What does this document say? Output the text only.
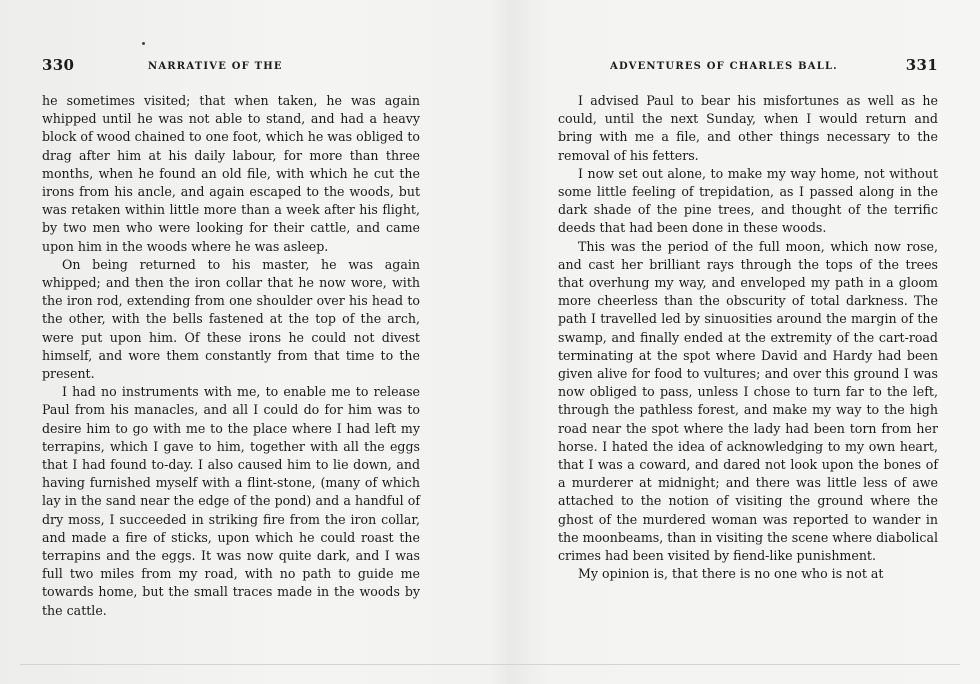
330	NARRATIVE OF THE

he sometimes visited; that when taken, he was again whipped until he was not able to stand, and had a heavy block of wood chained to one foot, which he was obliged to drag after him at his daily labour, for more than three months, when he found an old file, with which he cut the irons from his ancle, and again escaped to the woods, but was retaken within little more than a week after his flight, by two men who were looking for their cattle, and came upon him in the woods where he was asleep.

On being returned to his master, he was again whipped; and then the iron collar that he now wore, with the iron rod, extending from one shoulder over his head to the other, with the bells fastened at the top of the arch, were put upon him. Of these irons he could not divest himself, and wore them constantly from that time to the present.

I had no instruments with me, to enable me to release Paul from his manacles, and all I could do for him was to desire him to go with me to the place where I had left my terrapins, which I gave to him, together with all the eggs that I had found to-day. I also caused him to lie down, and having furnished myself with a flint-stone, (many of which lay in the sand near the edge of the pond) and a handful of dry moss, I succeeded in striking fire from the iron collar, and made a fire of sticks, upon which he could roast the terrapins and the eggs. It was now quite dark, and I was full two miles from my road, with no path to guide me towards home, but the small traces made in the woods by the cattle.

ADVENTURES OF CHARLES BALL.	331

I advised Paul to bear his misfortunes as well as he could, until the next Sunday, when I would return and bring with me a file, and other things necessary to the removal of his fetters.

I now set out alone, to make my way home, not without some little feeling of trepidation, as I passed along in the dark shade of the pine trees, and thought of the terrific deeds that had been done in these woods.

This was the period of the full moon, which now rose, and cast her brilliant rays through the tops of the trees that overhung my way, and enveloped my path in a gloom more cheerless than the obscurity of total darkness. The path I travelled led by sinuosities around the margin of the swamp, and finally ended at the extremity of the cart-road terminating at the spot where David and Hardy had been given alive for food to vultures; and over this ground I was now obliged to pass, unless I chose to turn far to the left, through the pathless forest, and make my way to the high road near the spot where the lady had been torn from her horse. I hated the idea of acknowledging to my own heart, that I was a coward, and dared not look upon the bones of a murderer at midnight; and there was little less of awe attached to the notion of visiting the ground where the ghost of the murdered woman was reported to wander in the moonbeams, than in visiting the scene where diabolical crimes had been visited by fiend-like punishment.

My opinion is, that there is no one who is not at
